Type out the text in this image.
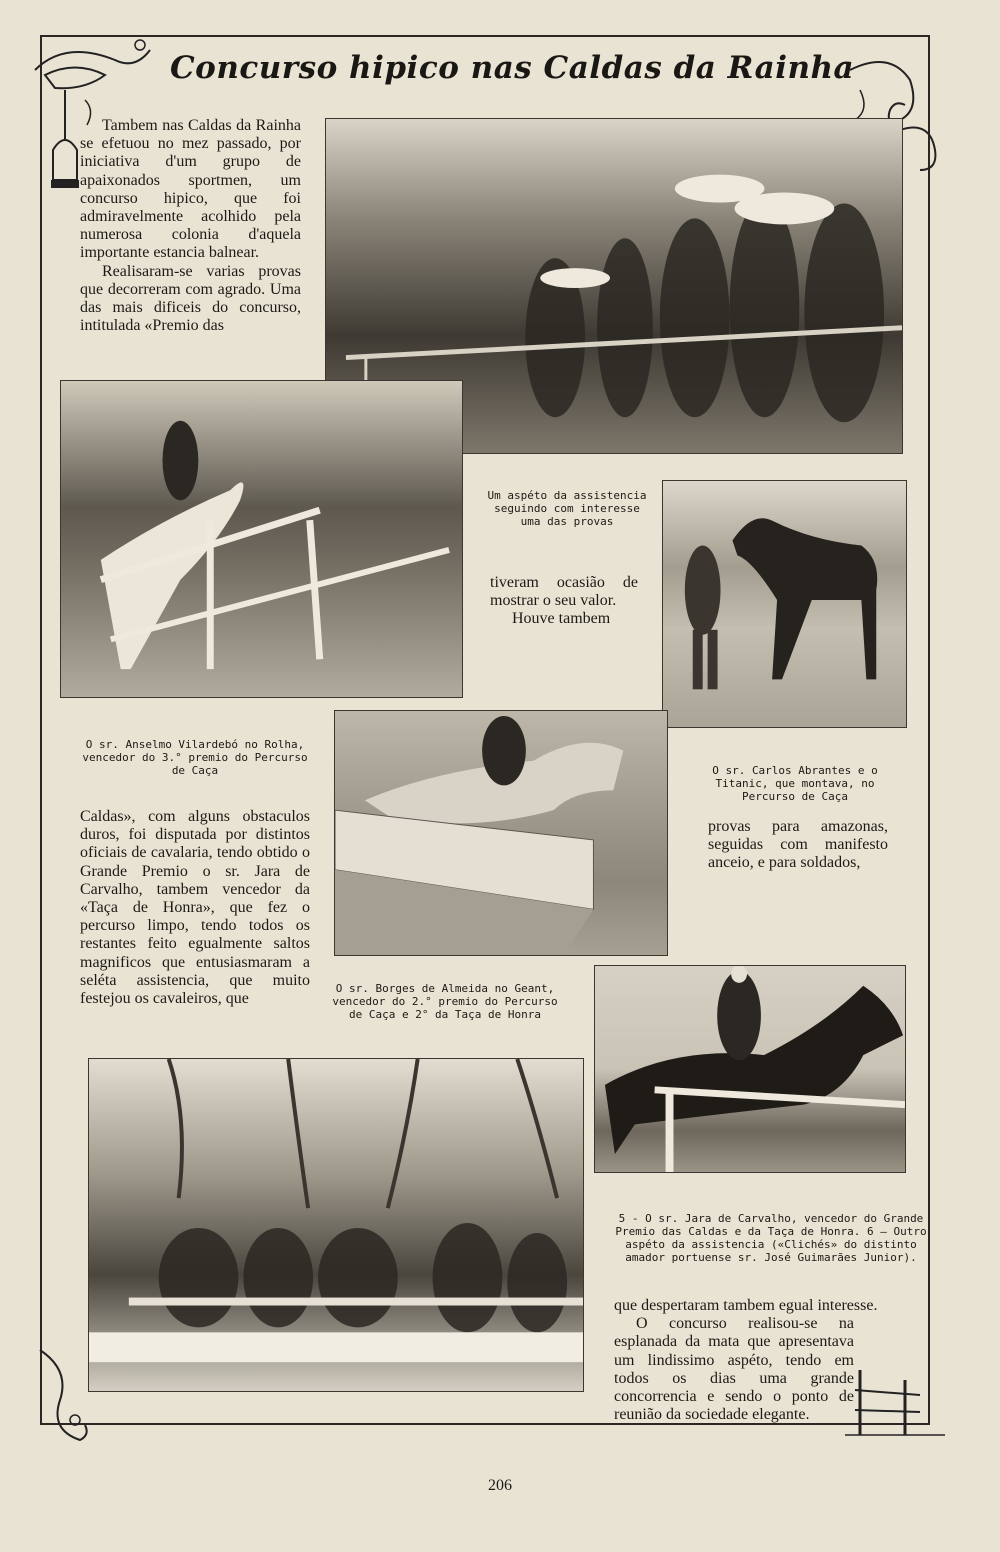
Concurso hipico nas Caldas da Rainha

Tambem nas Caldas da Rainha se efetuou no mez passado, por iniciativa d'um grupo de apaixonados sportmen, um concurso hipico, que foi admiravelmente acolhido pela numerosa colonia d'aquela importante estancia balnear.

Realisaram-se varias provas que decorreram com agrado. Uma das mais dificeis do concurso, intitulada «Premio das

Um aspéto da assistencia seguindo com interesse uma das provas

tiveram ocasião de mostrar o seu valor.

Houve tambem

O sr. Anselmo Vilardebó no Rolha, vencedor do 3.° premio do Percurso de Caça	O sr. Carlos Abrantes e o Titanic, que montava, no Percurso de Caça

provas para amazonas, seguidas com manifesto anceio, e para soldados,

Caldas», com alguns obstaculos duros, foi disputada por distintos oficiais de cavalaria, tendo obtido o Grande Premio o sr. Jara de Carvalho, tambem vencedor da «Taça de Honra», que fez o percurso limpo, tendo todos os restantes feito egualmente saltos magnificos que entusiasmaram a seléta assistencia, que muito festejou os cavaleiros, que

O sr. Borges de Almeida no Geant, vencedor do 2.° premio do Percurso de Caça e 2° da Taça de Honra
5 - O sr. Jara de Carvalho, vencedor do Grande Premio das Caldas e da Taça de Honra. 6 — Outro aspéto da assistencia («Clichés» do distinto amador portuense sr. José Guimarães Junior).

que despertaram tambem egual interesse.

O concurso realisou-se na esplanada da mata que apresentava um lindissimo aspéto, tendo em todos os dias uma grande concorrencia e sendo o ponto de reunião da sociedade elegante.

206
